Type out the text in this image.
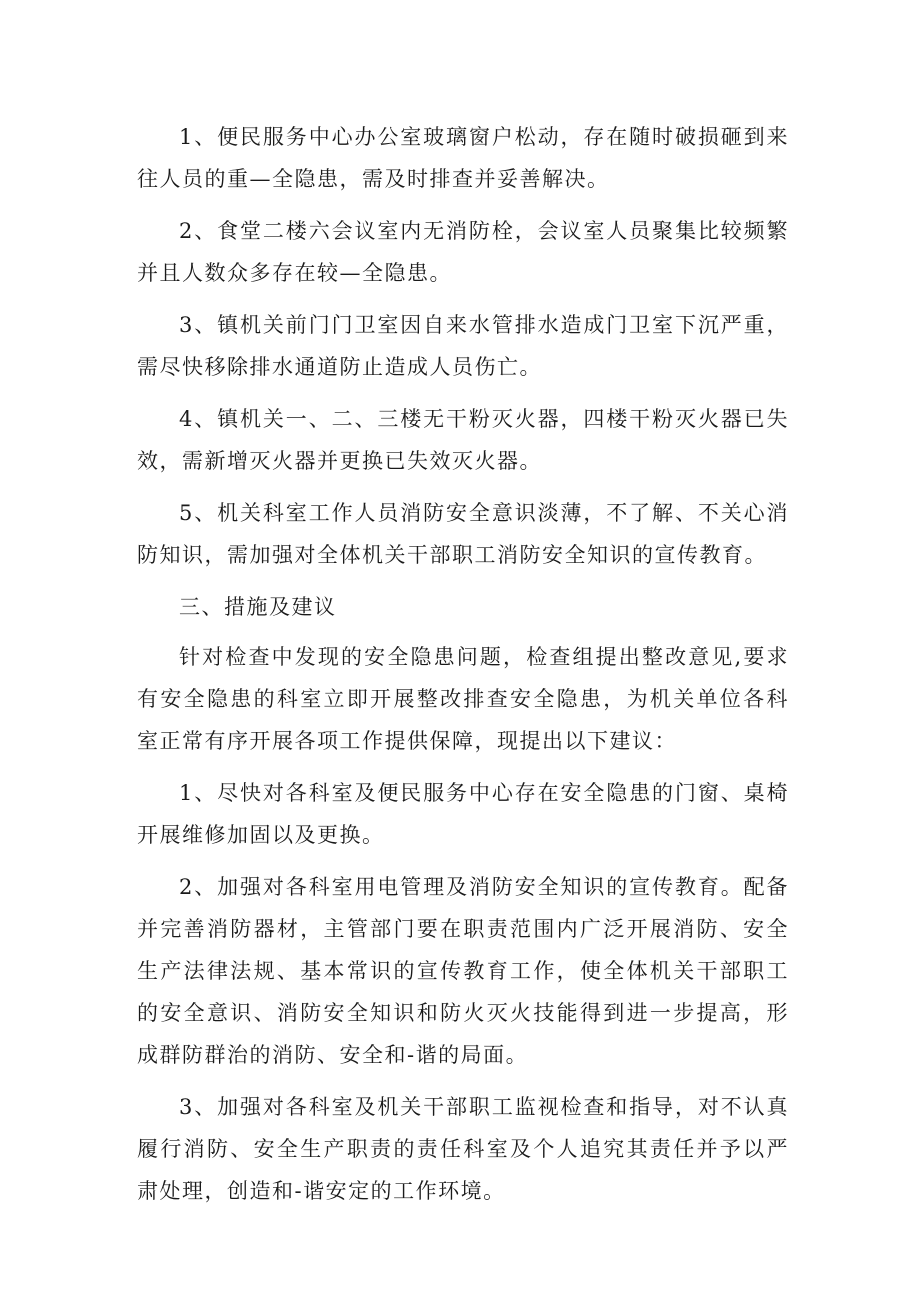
1、便民服务中心办公室玻璃窗户松动，存在随时破损砸到来往人员的重—全隐患，需及时排查并妥善解决。

2、食堂二楼六会议室内无消防栓，会议室人员聚集比较频繁并且人数众多存在较—全隐患。

3、镇机关前门门卫室因自来水管排水造成门卫室下沉严重，需尽快移除排水通道防止造成人员伤亡。

4、镇机关一、二、三楼无干粉灭火器，四楼干粉灭火器已失效，需新增灭火器并更换已失效灭火器。

5、机关科室工作人员消防安全意识淡薄，不了解、不关心消防知识，需加强对全体机关干部职工消防安全知识的宣传教育。

三、措施及建议

针对检查中发现的安全隐患问题，检查组提出整改意见,要求有安全隐患的科室立即开展整改排查安全隐患，为机关单位各科室正常有序开展各项工作提供保障，现提出以下建议：

1、尽快对各科室及便民服务中心存在安全隐患的门窗、桌椅开展维修加固以及更换。

2、加强对各科室用电管理及消防安全知识的宣传教育。配备并完善消防器材，主管部门要在职责范围内广泛开展消防、安全生产法律法规、基本常识的宣传教育工作，使全体机关干部职工的安全意识、消防安全知识和防火灭火技能得到进一步提高，形成群防群治的消防、安全和-谐的局面。

3、加强对各科室及机关干部职工监视检查和指导，对不认真履行消防、安全生产职责的责任科室及个人追究其责任并予以严肃处理，创造和-谐安定的工作环境。
